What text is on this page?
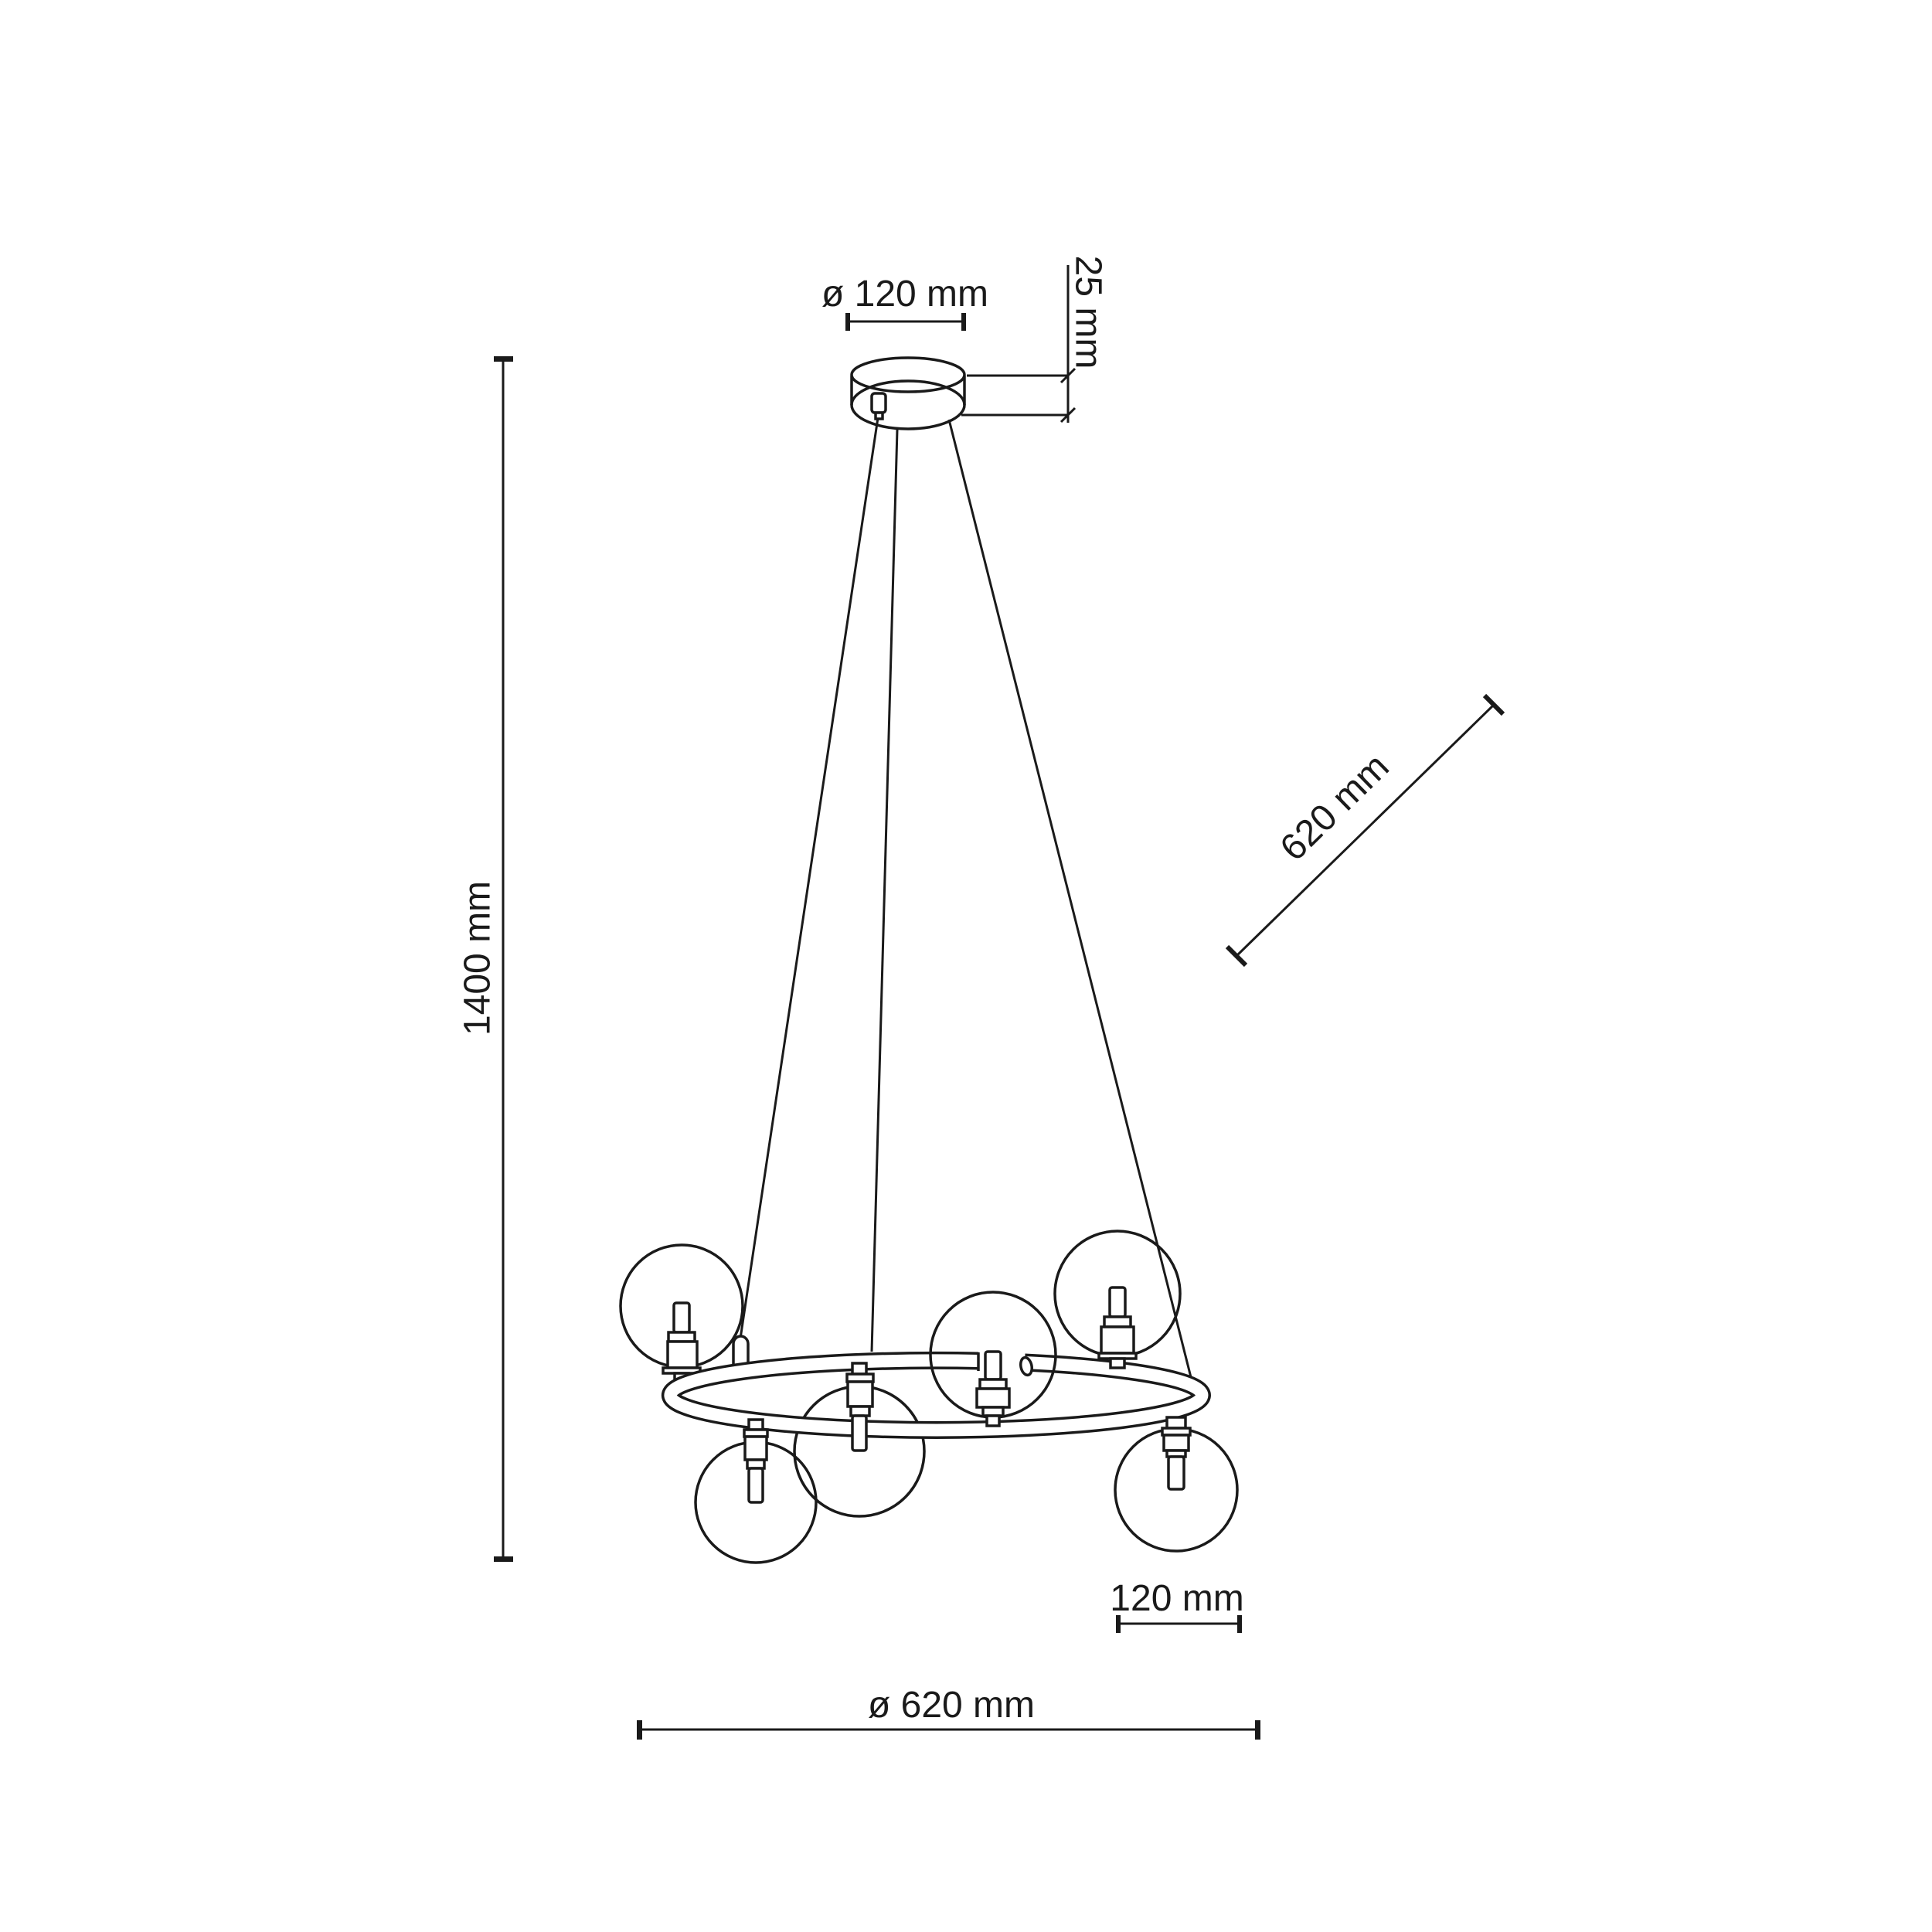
1400 mm
ø 120 mm 25 mm
620 mm
120 mm
ø 620 mm
